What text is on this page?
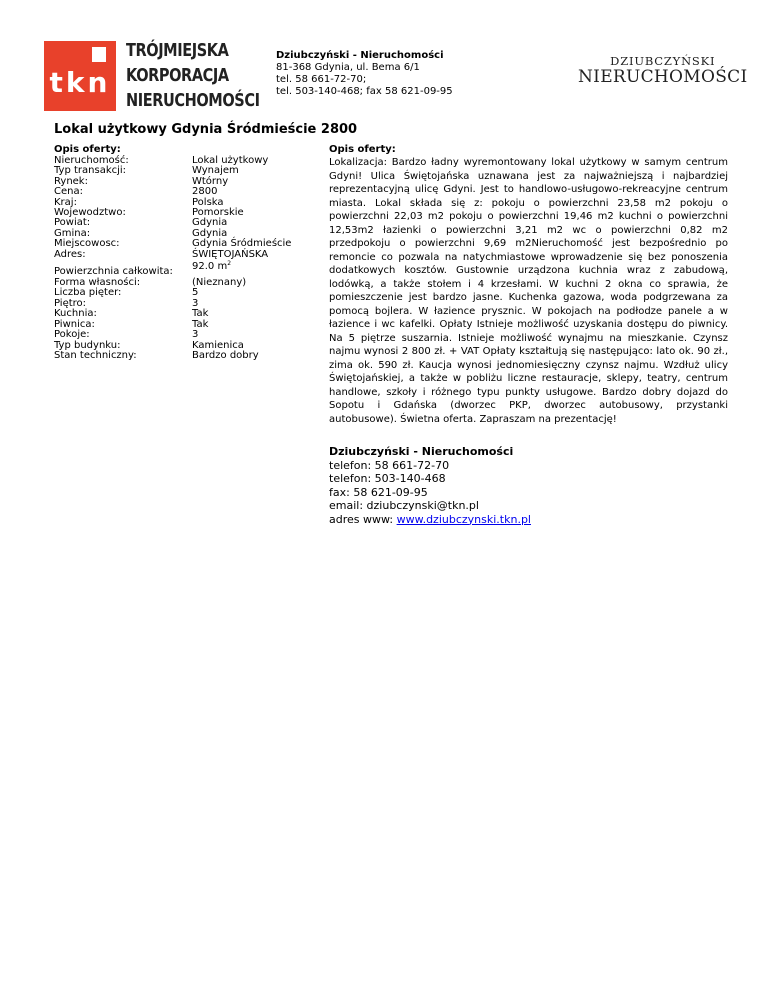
tkn
TRÓJMIEJSKA
KORPORACJA
NIERUCHOMOŚCI
Dziubczyński - Nieruchomości
81-368 Gdynia, ul. Bema 6/1
tel. 58 661-72-70;
tel. 503-140-468; fax 58 621-09-95
DZIUBCZYŃSKI
NIERUCHOMOŚCI
Lokal użytkowy Gdynia Śródmieście 2800
Opis oferty:
Nieruchomość:	Lokal użytkowy
Typ transakcji:	Wynajem
Rynek:	Wtórny
Cena:	2800
Kraj:	Polska
Wojewodztwo:	Pomorskie
Powiat:	Gdynia
Gmina:	Gdynia
Miejscowosc:	Gdynia Śródmieście
Adres:	ŚWIĘTOJAŃSKA
Powierzchnia całkowita:	92.0 $m^2$
Forma własności:	(Nieznany)
Liczba pięter:	5
Piętro:	3
Kuchnia:	Tak
Piwnica:	Tak
Pokoje:	3
Typ budynku:	Kamienica
Stan techniczny:	Bardzo dobry
Opis oferty:

Lokalizacja: Bardzo ładny wyremontowany lokal użytkowy w samym centrum Gdyni! Ulica Świętojańska uznawana jest za najważniejszą i najbardziej reprezentacyjną ulicę Gdyni. Jest to handlowo-usługowo-rekreacyjne centrum miasta. Lokal składa się z: pokoju o powierzchni 23,58 m2 pokoju o powierzchni 22,03 m2 pokoju o powierzchni 19,46 m2 kuchni o powierzchni 12,53m2 łazienki o powierzchni 3,21 m2 wc o powierzchni 0,82 m2 przedpokoju o powierzchni 9,69 m2Nieruchomość jest bezpośrednio po remoncie co pozwala na natychmiastowe wprowadzenie się bez ponoszenia dodatkowych kosztów. Gustownie urządzona kuchnia wraz z zabudową, lodówką, a także stołem i 4 krzesłami. W kuchni 2 okna co sprawia, że pomieszczenie jest bardzo jasne. Kuchenka gazowa, woda podgrzewana za pomocą bojlera. W łazience prysznic. W pokojach na podłodze panele a w łazience i wc kafelki. Opłaty Istnieje możliwość uzyskania dostępu do piwnicy. Na 5 piętrze suszarnia. Istnieje możliwość wynajmu na mieszkanie. Czynsz najmu wynosi 2 800 zł. + VAT Opłaty kształtują się następująco: lato ok. 90 zł., zima ok. 590 zł. Kaucja wynosi jednomiesięczny czynsz najmu. Wzdłuż ulicy Świętojańskiej, a także w pobliżu liczne restauracje, sklepy, teatry, centrum handlowe, szkoły i różnego typu punkty usługowe. Bardzo dobry dojazd do Sopotu i Gdańska (dworzec PKP, dworzec autobusowy, przystanki autobusowe). Świetna oferta. Zapraszam na prezentację!

Dziubczyński - Nieruchomości
telefon: 58 661-72-70
telefon: 503-140-468
fax: 58 621-09-95
email: dziubczynski@tkn.pl
adres www: www.dziubczynski.tkn.pl
